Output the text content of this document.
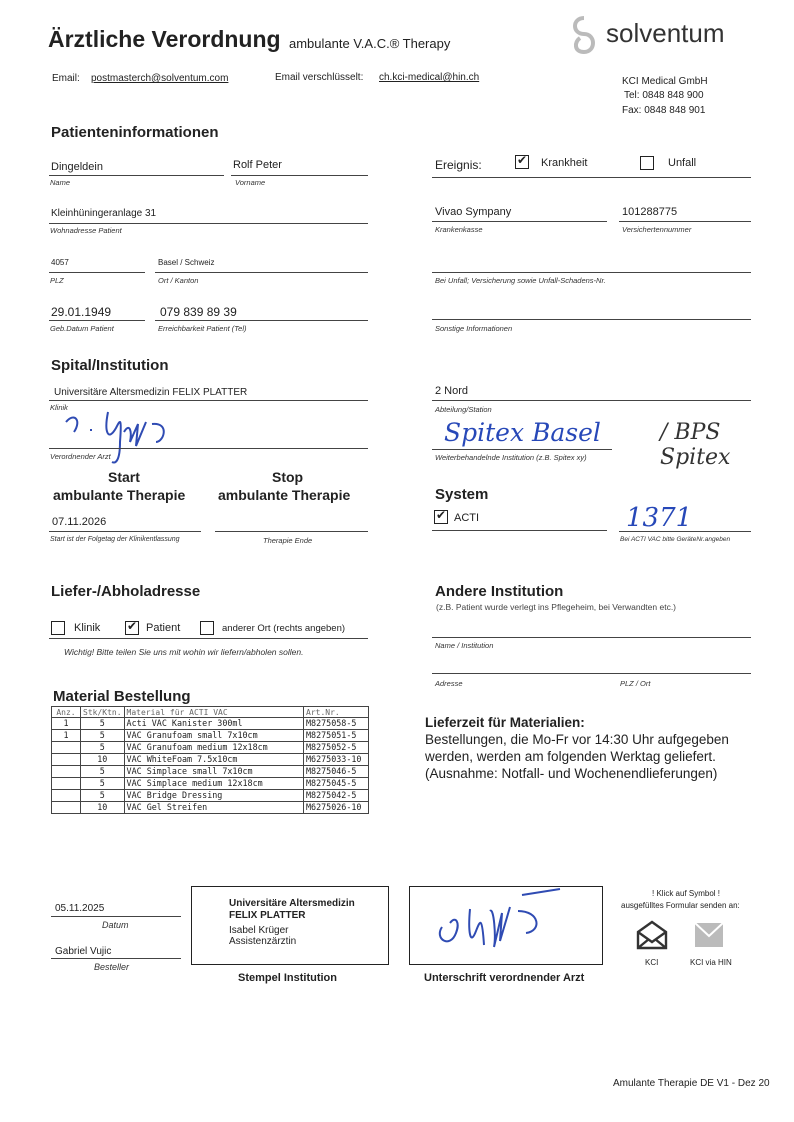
Ärztliche Verordnung ambulante V.A.C.® Therapy	solventum
Email: postmasterch@solventum.com	Email verschlüsselt: ch.kci-medical@hin.ch	KCI Medical GmbH
Tel: 0848 848 900
Fax: 0848 848 901
Patienteninformationen
Dingeldein
Name
Rolf Peter
Vorname
Kleinhüningeranlage 31
Wohnadresse Patient
4057
PLZ
Basel / Schweiz
Ort / Kanton
29.01.1949
Geb.Datum Patient
079 839 89 39
Erreichbarkeit Patient (Tel)
Ereignis:	✔ Krankheit	Unfall
Vivao Sympany
Krankenkasse
101288775
Versichertennummer
Bei Unfall; Versicherung sowie Unfall-Schadens-Nr.
Sonstige Informationen
Spital/Institution
Universitäre Altersmedizin FELIX PLATTER
Klinik
Verordnender Arzt
2 Nord
Abteilung/Station
Spitex Basel	/ BPS Spitex
Weiterbehandelnde Institution (z.B. Spitex xy)
Start
ambulante Therapie
Stop
ambulante Therapie
07.11.2026
Start ist der Folgetag der Klinikentlassung	Therapie Ende
System
✔ ACTI	1371
Bei ACTI VAC bitte GeräteNr.angeben
Liefer-/Abholadresse
Klinik ✔ Patient	anderer Ort (rechts angeben)
Wichtig! Bitte teilen Sie uns mit wohin wir liefern/abholen sollen.
Andere Institution
(z.B. Patient wurde verlegt ins Pflegeheim, bei Verwandten etc.)
Name / Institution
Adresse	PLZ / Ort
Material Bestellung
Anz.	Stk/Ktn.	Material für ACTI VAC	Art.Nr.
1	5	Acti VAC Kanister 300ml	M8275058-5
1	5	VAC Granufoam small 7x10cm	M8275051-5
	5	VAC Granufoam medium 12x18cm	M8275052-5
	10	VAC WhiteFoam 7.5x10cm	M6275033-10
	5	VAC Simplace small 7x10cm	M8275046-5
	5	VAC Simplace medium 12x18cm	M8275045-5
	5	VAC Bridge Dressing	M8275042-5
	10	VAC Gel Streifen	M6275026-10
Lieferzeit für Materialien:
Bestellungen, die Mo-Fr vor 14:30 Uhr aufgegeben
werden, werden am folgenden Werktag geliefert.
(Ausnahme: Notfall- und Wochenendlieferungen)
05.11.2025
Datum
Gabriel Vujic
Besteller
Universitäre Altersmedizin
FELIX PLATTER
Isabel Krüger
Assistenzärztin
Stempel Institution	Unterschrift verordnender Arzt
! Klick auf Symbol !
ausgefülltes Formular senden an:
KCI	KCI via HIN
Amulante Therapie DE V1 - Dez 20
